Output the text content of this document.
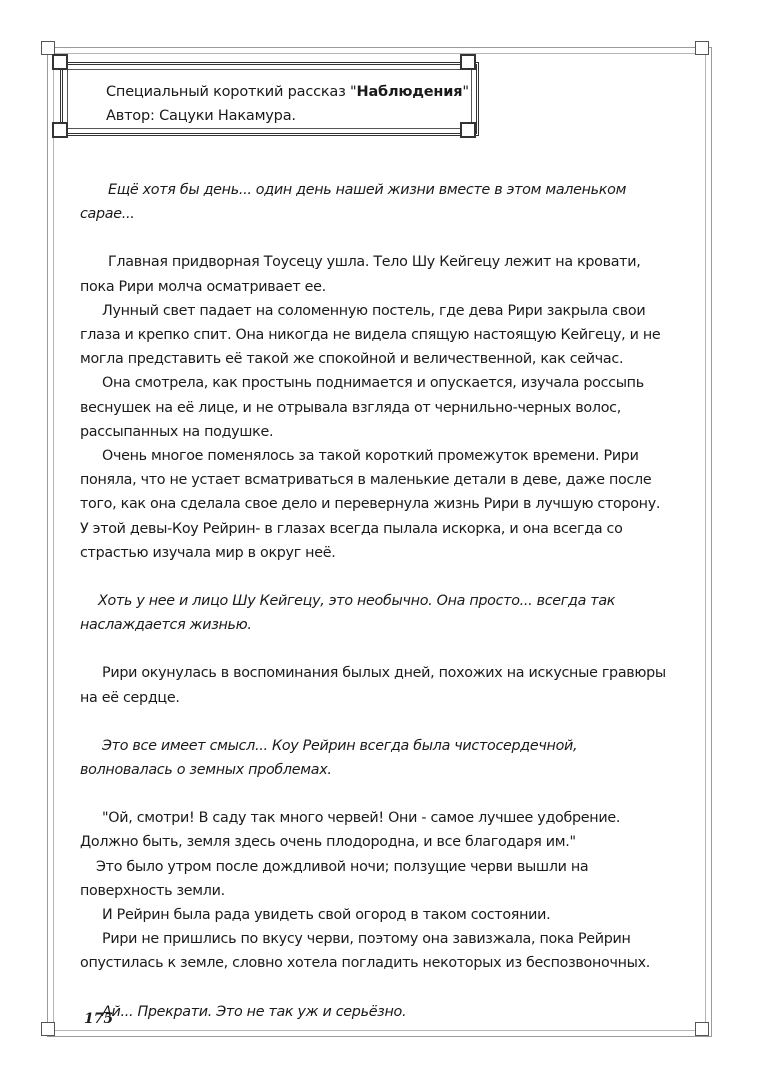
Специальный короткий рассказ "Наблюдения"
Автор: Сацуки Накамура.

Ещё хотя бы день... один день нашей жизни вместе в этом маленьком сарае...

Главная придворная Тоусецу ушла. Тело Шу Кейгецу лежит на кровати, пока Рири молча осматривает ее.

Лунный свет падает на соломенную постель, где дева Рири закрыла свои глаза и крепко спит. Она никогда не видела спящую настоящую Кейгецу, и не могла представить её такой же спокойной и величественной, как сейчас.

Она смотрела, как простынь поднимается и опускается, изучала россыпь веснушек на её лице, и не отрывала взгляда от чернильно-черных волос, рассыпанных на подушке.

Очень многое поменялось за такой короткий промежуток времени. Рири поняла, что не устает всматриваться в маленькие детали в деве, даже после того, как она сделала свое дело и перевернула жизнь Рири в лучшую сторону. У этой девы-Коу Рейрин- в глазах всегда пылала искорка, и она всегда со страстью изучала мир в округ неё.

Хоть у нее и лицо Шу Кейгецу, это необычно. Она просто... всегда так наслаждается жизнью.

Рири окунулась в воспоминания былых дней, похожих на искусные гравюры на её сердце.

Это все имеет смысл... Коу Рейрин всегда была чистосердечной, волновалась о земных проблемах.

"Ой, смотри! В саду так много червей! Они - самое лучшее удобрение. Должно быть, земля здесь очень плодородна, и все благодаря им."

Это было утром после дождливой ночи; ползущие черви вышли на поверхность земли.

И Рейрин была рада увидеть свой огород в таком состоянии.

Рири не пришлись по вкусу черви, поэтому она завизжала, пока Рейрин опустилась к земле, словно хотела погладить некоторых из беспозвоночных.

Ай... Прекрати. Это не так уж и серьёзно.

175
